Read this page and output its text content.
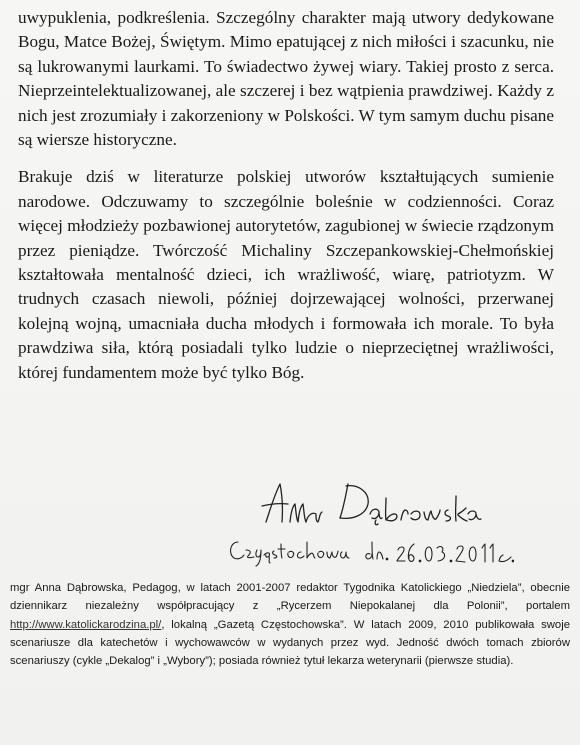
uwypuklenia, podkreślenia. Szczególny charakter mają utwory dedykowane Bogu, Matce Bożej, Świętym. Mimo epatującej z nich miłości i szacunku, nie są lukrowanymi laurkami. To świadectwo żywej wiary. Takiej prosto z serca. Nieprzeintelektualizowanej, ale szczerej i bez wątpienia prawdziwej. Każdy z nich jest zrozumiały i zakorzeniony w Polskości. W tym samym duchu pisane są wiersze historyczne.

Brakuje dziś w literaturze polskiej utworów kształtujących sumienie narodowe. Odczuwamy to szczególnie boleśnie w codzienności. Coraz więcej młodzieży pozbawionej autorytetów, zagubionej w świecie rządzonym przez pieniądze. Twórczość Michaliny Szczepankowskiej-Chełmońskiej kształtowała mentalność dzieci, ich wrażliwość, wiarę, patriotyzm. W trudnych czasach niewoli, później dojrzewającej wolności, przerwanej kolejną wojną, umacniała ducha młodych i formowała ich morale. To była prawdziwa siła, którą posiadali tylko ludzie o nieprzeciętnej wrażliwości, której fundamentem może być tylko Bóg.

mgr Anna Dąbrowska, Pedagog, w latach 2001-2007 redaktor Tygodnika Katolickiego „Niedziela”, obecnie dziennikarz niezależny współpracujący z „Rycerzem Niepokalanej dla Polonii”, portalem http://www.katolickarodzina.pl/, lokalną „Gazetą Częstochowska”. W latach 2009, 2010 publikowała swoje scenariusze dla katechetów i wychowawców w wydanych przez wyd. Jedność dwóch tomach zbiorów scenariuszy (cykle „Dekalog” i „Wybory”); posiada również tytuł lekarza weterynarii (pierwsze studia).
